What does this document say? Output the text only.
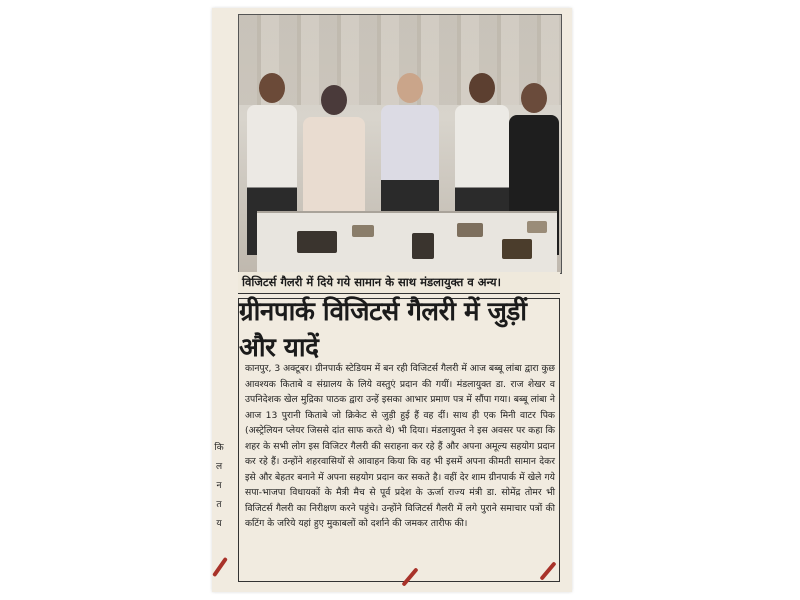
कि
ल
न
त
य
विजिटर्स गैलरी में दिये गये सामान के साथ मंडलायुक्त व अन्य।
ग्रीनपार्क विजिटर्स गैलरी में जुड़ीं और यादें
कानपुर, 3 अक्टूबर। ग्रीनपार्क स्टेडियम में बन रही विजिटर्स गैलरी में आज बब्बू लांबा द्वारा कुछ आवश्यक किताबे व संग्रालय के लिये वस्तुएं प्रदान की गयीं। मंडलायुक्त डा. राज शेखर व उपनिदेशक खेल मुद्रिका पाठक द्वारा उन्हें इसका आभार प्रमाण पत्र में सौंपा गया। बब्बू लांबा ने आज 13 पुरानी किताबे जो क्रिकेट से जुड़ी हुई हैं वह दीं। साथ ही एक मिनी वाटर पिक (अस्ट्रेलियन प्लेयर जिससे दांत साफ करते थे) भी दिया। मंडलायुक्त ने इस अवसर पर कहा कि शहर के सभी लोग इस विजिटर गैलरी की सराहना कर रहे हैं और अपना अमूल्य सहयोग प्रदान कर रहे हैं। उन्होंने शहरवासियों से आवाहन किया कि वह भी इसमें अपना कीमती सामान देकर इसे और बेहतर बनाने में अपना सहयोग प्रदान कर सकते है। वहीं देर शाम ग्रीनपार्क में खेले गये सपा-भाजपा विधायकों के मैत्री मैच से पूर्व प्रदेश के ऊर्जा राज्य मंत्री डा. सोमेंद्र तोमर भी विजिटर्स गैलरी का निरीक्षण करने पहुंचे। उन्होंने विजिटर्स गैलरी में लगे पुराने समाचार पत्रों की कटिंग के जरिये यहां हुए मुकाबलों को दर्शाने की जमकर तारीफ की।
